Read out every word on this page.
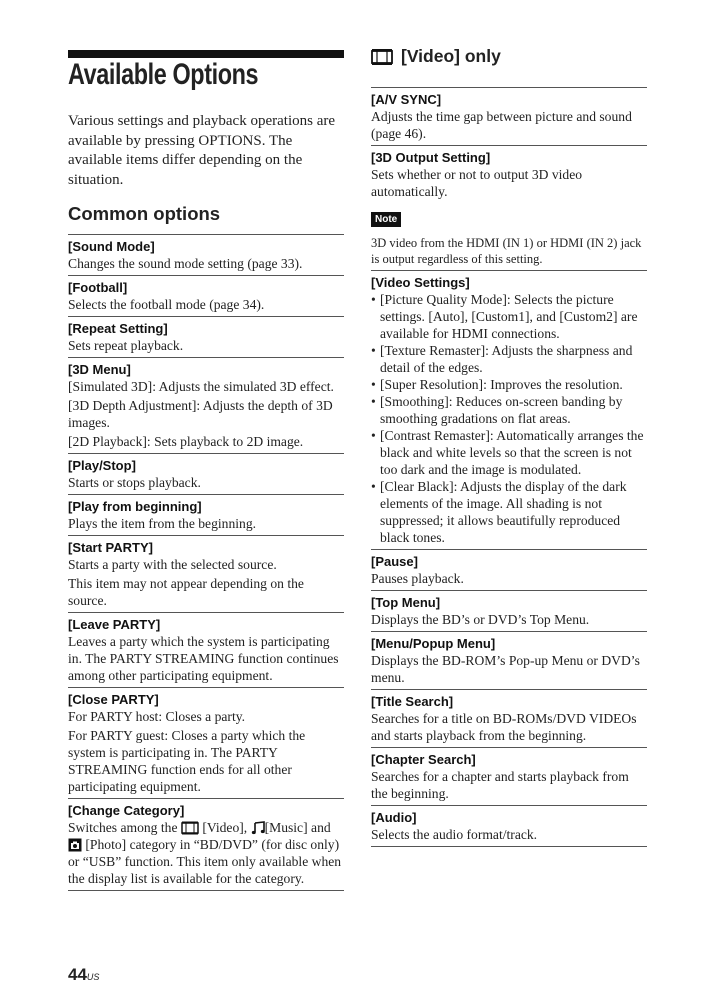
Available Options

Various settings and playback operations are available by pressing OPTIONS. The available items differ depending on the situation.

Common options
[Sound Mode]

Changes the sound mode setting (page 33).

[Football]

Selects the football mode (page 34).

[Repeat Setting]

Sets repeat playback.

[3D Menu]

[Simulated 3D]: Adjusts the simulated 3D effect.

[3D Depth Adjustment]: Adjusts the depth of 3D images.

[2D Playback]: Sets playback to 2D image.

[Play/Stop]

Starts or stops playback.

[Play from beginning]

Plays the item from the beginning.

[Start PARTY]

Starts a party with the selected source.

This item may not appear depending on the source.

[Leave PARTY]

Leaves a party which the system is participating in. The PARTY STREAMING function continues among other participating equipment.

[Close PARTY]

For PARTY host: Closes a party.

For PARTY guest: Closes a party which the system is participating in. The PARTY STREAMING function ends for all other participating equipment.

[Change Category]

Switches among the [Video], [Music] and  [Photo] category in “BD/DVD” (for disc only) or “USB” function. This item only available when the display list is available for the category.

[Video] only
[A/V SYNC]

Adjusts the time gap between picture and sound (page 46).

[3D Output Setting]

Sets whether or not to output 3D video automatically.

Note

3D video from the HDMI (IN 1) or HDMI (IN 2) jack is output regardless of this setting.

[Video Settings]
• [Picture Quality Mode]: Selects the picture settings. [Auto], [Custom1], and [Custom2] are available for HDMI connections.
• [Texture Remaster]: Adjusts the sharpness and detail of the edges.
• [Super Resolution]: Improves the resolution.
• [Smoothing]: Reduces on-screen banding by smoothing gradations on flat areas.
• [Contrast Remaster]: Automatically arranges the black and white levels so that the screen is not too dark and the image is modulated.
• [Clear Black]: Adjusts the display of the dark elements of the image. All shading is not suppressed; it allows beautifully reproduced black tones.
[Pause]

Pauses playback.

[Top Menu]

Displays the BD’s or DVD’s Top Menu.

[Menu/Popup Menu]

Displays the BD-ROM’s Pop-up Menu or DVD’s menu.

[Title Search]

Searches for a title on BD-ROMs/DVD VIDEOs and starts playback from the beginning.

[Chapter Search]

Searches for a chapter and starts playback from the beginning.

[Audio]

Selects the audio format/track.

44US
